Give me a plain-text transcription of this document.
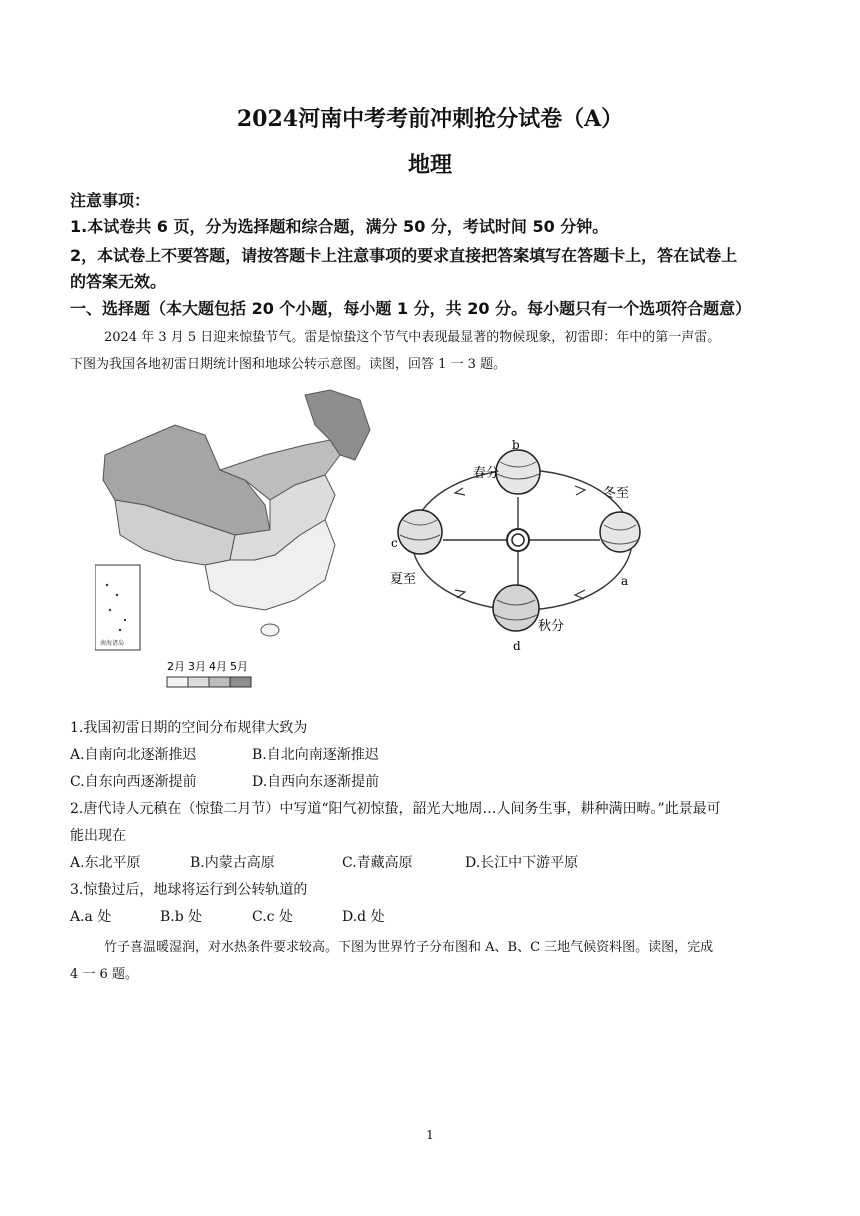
2024河南中考考前冲刺抢分试卷（A）
地理
注意事项：
1.本试卷共 6 页，分为选择题和综合题，满分 50 分，考试时间 50 分钟。
2，本试卷上不要答题，请按答题卡上注意事项的要求直接把答案填写在答题卡上，答在试卷上
的答案无效。
一、选择题（本大题包括 20 个小题，每小题 1 分，共 20 分。每小题只有一个选项符合题意）
2024 年 3 月 5 日迎来惊蛰节气。雷是惊蛰这个节气中表现最显著的物候现象，初雷即：年中的第一声雷。
下图为我国各地初雷日期统计图和地球公转示意图。读图，回答 1 一 3 题。
南海诸岛
2月 3月 4月 5月
春分
b
冬至
c
夏至	a
秋分
d
1.我国初雷日期的空间分布规律大致为
A.自南向北逐渐推迟	B.自北向南逐渐推迟
C.自东向西逐渐提前	D.自西向东逐渐提前
2.唐代诗人元稹在（惊蛰二月节）中写道“阳气初惊蛰，韶光大地周…人间务生事，耕种满田畴。”此景最可
能出现在
A.东北平原	B.内蒙古高原	C.青藏高原	D.长江中下游平原
3.惊蛰过后，地球将运行到公转轨道的
A.a 处	B.b 处	C.c 处	D.d 处
竹子喜温暖湿润，对水热条件要求较高。下图为世界竹子分布图和 A、B、C 三地气候资料图。读图，完成
4 一 6 题。
1
